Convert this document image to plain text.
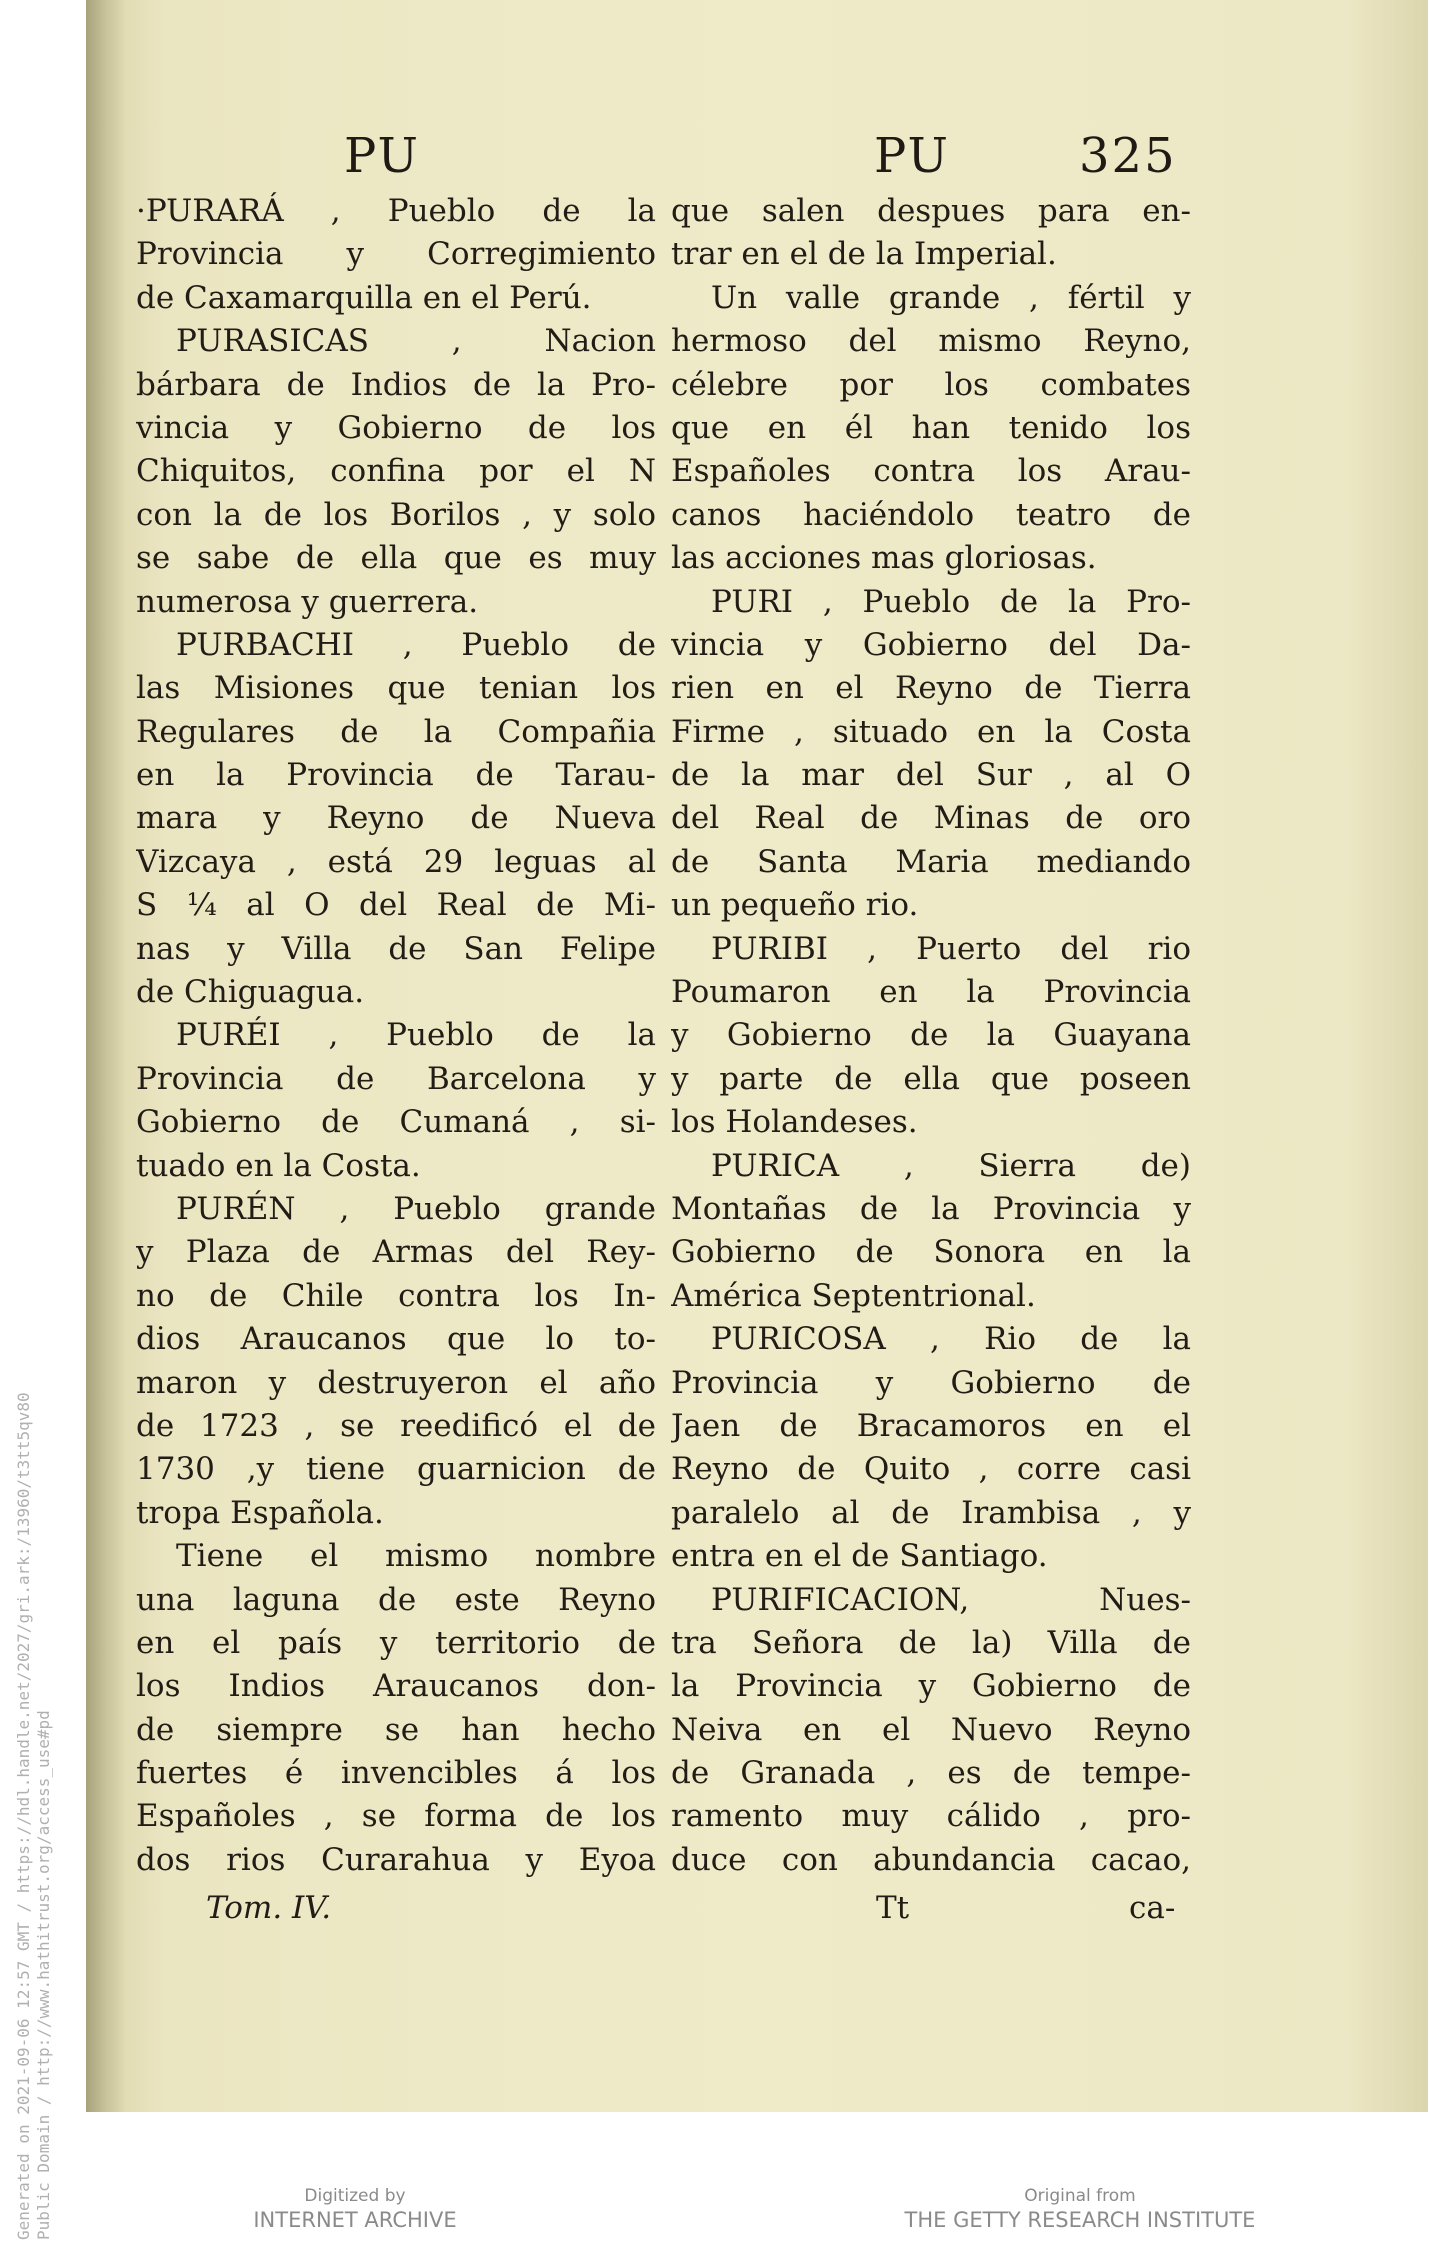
PU	PU	325
·PURARÁ , Pueblo de la
Provincia y Corregimiento
de Caxamarquilla en el Perú.
PURASICAS , Nacion
bárbara de Indios de la Pro-
vincia y Gobierno de los
Chiquitos, confina por el N
con la de los Borilos , y solo
se sabe de ella que es muy
numerosa y guerrera.
PURBACHI , Pueblo de
las Misiones que tenian los
Regulares de la Compañia
en la Provincia de Tarau-
mara y Reyno de Nueva
Vizcaya , está 29 leguas al
S ¼ al O del Real de Mi-
nas y Villa de San Felipe
de Chiguagua.
PURÉI , Pueblo de la
Provincia de Barcelona y
Gobierno de Cumaná , si-
tuado en la Costa.
PURÉN , Pueblo grande
y Plaza de Armas del Rey-
no de Chile contra los In-
dios Araucanos que lo to-
maron y destruyeron el año
de 1723 , se reedificó el de
1730 ,y tiene guarnicion de
tropa Española.
Tiene el mismo nombre
una laguna de este Reyno
en el país y territorio de
los Indios Araucanos don-
de siempre se han hecho
fuertes é invencibles á los
Españoles , se forma de los
dos rios Curarahua y Eyoa
que salen despues para en-
trar en el de la Imperial.
Un valle grande , fértil y
hermoso del mismo Reyno,
célebre por los combates
que en él han tenido los
Españoles contra los Arau-
canos haciéndolo teatro de
las acciones mas gloriosas.
PURI , Pueblo de la Pro-
vincia y Gobierno del Da-
rien en el Reyno de Tierra
Firme , situado en la Costa
de la mar del Sur , al O
del Real de Minas de oro
de Santa Maria mediando
un pequeño rio.
PURIBI , Puerto del rio
Poumaron en la Provincia
y Gobierno de la Guayana
y parte de ella que poseen
los Holandeses.
PURICA , Sierra de)
Montañas de la Provincia y
Gobierno de Sonora en la
América Septentrional.
PURICOSA , Rio de la
Provincia y Gobierno de
Jaen de Bracamoros en el
Reyno de Quito , corre casi
paralelo al de Irambisa , y
entra en el de Santiago.
PURIFICACION, Nues-
tra Señora de la) Villa de
la Provincia y Gobierno de
Neiva en el Nuevo Reyno
de Granada , es de tempe-
ramento muy cálido , pro-
duce con abundancia cacao,
Tom. IV.	Tt	ca-
Digitized by
INTERNET ARCHIVE
Original from
THE GETTY RESEARCH INSTITUTE
Generated on 2021-09-06 12:57 GMT / https://hdl.handle.net/2027/gri.ark:/13960/t3tt5qv80 Public Domain / http://www.hathitrust.org/access_use#pd
